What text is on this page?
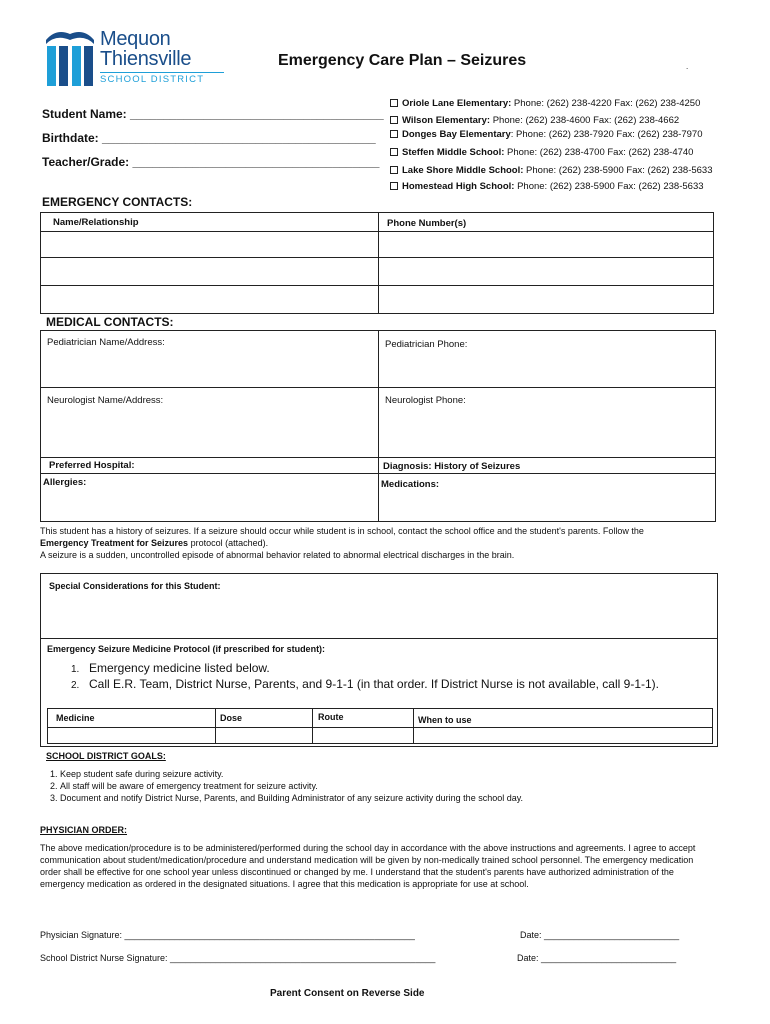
Mequon
Thiensville
SCHOOL DISTRICT
Emergency Care Plan – Seizures	.
Student Name: ______________________________________
Birthdate: _________________________________________
Teacher/Grade: _____________________________________
Oriole Lane Elementary: Phone: (262) 238-4220 Fax: (262) 238-4250
Wilson Elementary: Phone: (262) 238-4600 Fax: (262) 238-4662
Donges Bay Elementary: Phone: (262) 238-7920 Fax: (262) 238-7970
Steffen Middle School: Phone: (262) 238-4700 Fax: (262) 238-4740
Lake Shore Middle School: Phone: (262) 238-5900 Fax: (262) 238-5633
Homestead High School: Phone: (262) 238-5900 Fax: (262) 238-5633
EMERGENCY CONTACTS:
Name/Relationship	Phone Number(s)
MEDICAL CONTACTS:
Pediatrician Name/Address:	Pediatrician Phone:
Neurologist Name/Address:	Neurologist Phone:
Preferred Hospital:	Diagnosis: History of Seizures
Allergies:	Medications:
This student has a history of seizures. If a seizure should occur while student is in school, contact the school office and the student's parents. Follow the
Emergency Treatment for Seizures protocol (attached).
A seizure is a sudden, uncontrolled episode of abnormal behavior related to abnormal electrical discharges in the brain.
Special Considerations for this Student:
Emergency Seizure Medicine Protocol (if prescribed for student):
1. Emergency medicine listed below.
2. Call E.R. Team, District Nurse, Parents, and 9-1-1 (in that order. If District Nurse is not available, call 9-1-1).
Medicine	Dose	Route	When to use
SCHOOL DISTRICT GOALS:
1. Keep student safe during seizure activity.
2. All staff will be aware of emergency treatment for seizure activity.
3. Document and notify District Nurse, Parents, and Building Administrator of any seizure activity during the school day.
PHYSICIAN ORDER:
The above medication/procedure is to be administered/performed during the school day in accordance with the above instructions and agreements. I agree to accept communication about student/medication/procedure and understand medication will be given by non-medically trained school personnel. The emergency medication order shall be effective for one school year unless discontinued or changed by me. I understand that the student's parents have authorized administration of the emergency medication as ordered in the designated situations. I agree that this medication is appropriate for use at school.
Physician Signature: __________________________________________________________	Date: ___________________________
School District Nurse Signature: _____________________________________________________	Date: ___________________________
Parent Consent on Reverse Side
